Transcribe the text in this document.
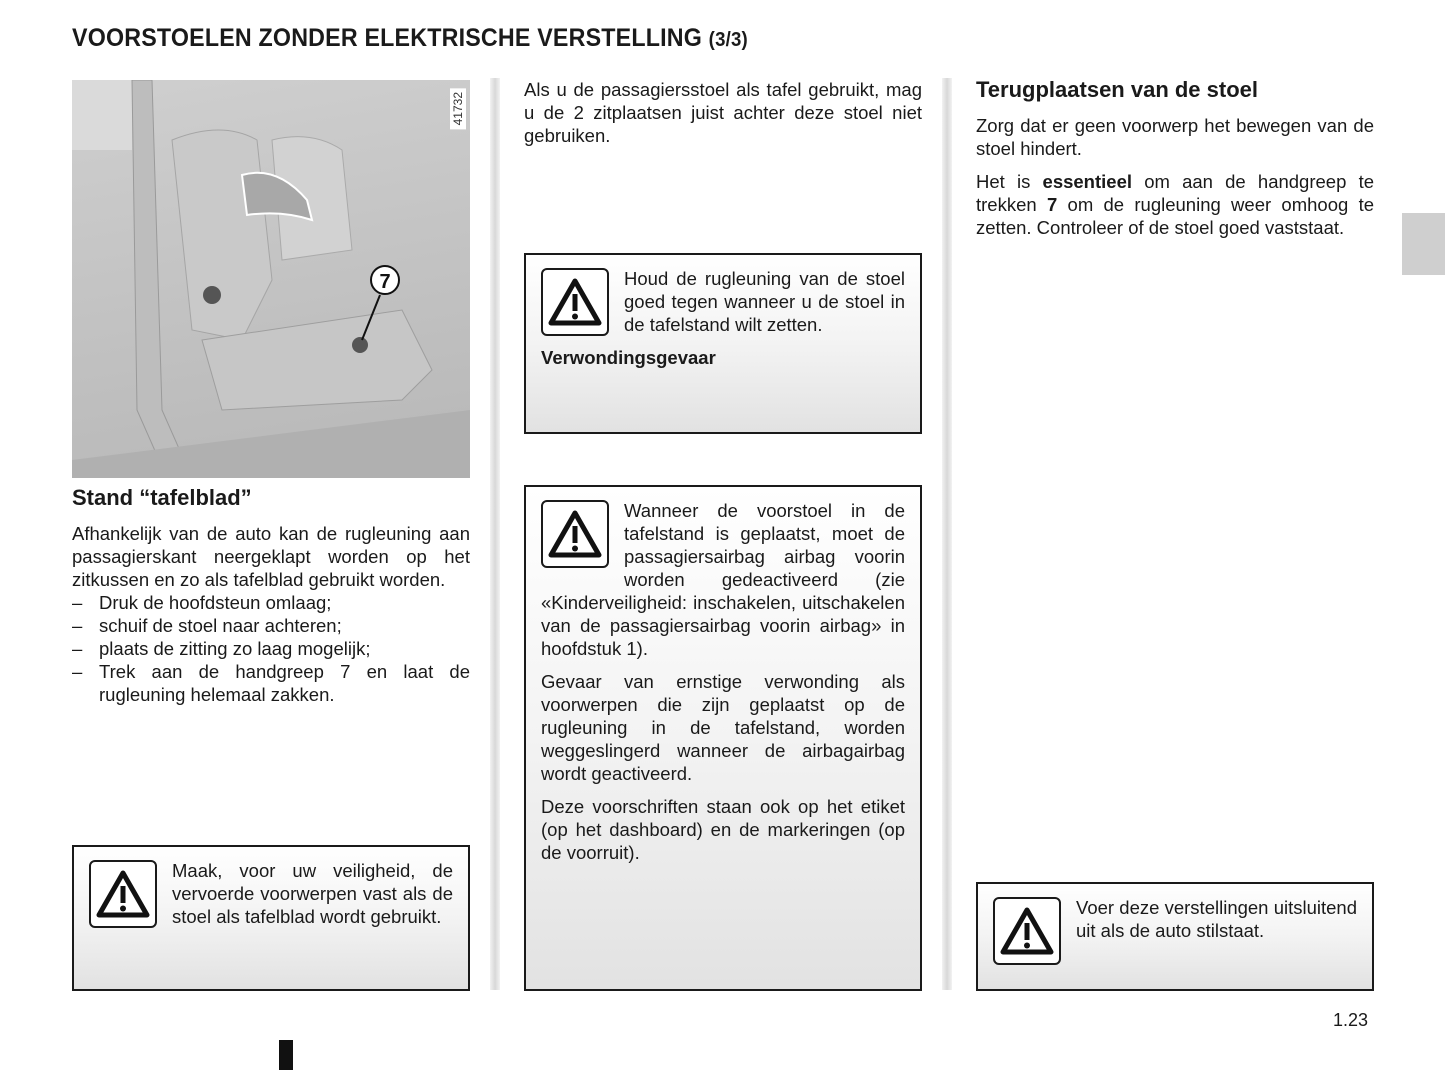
VOORSTOELEN ZONDER ELEKTRISCHE VERSTELLING (3/3)
7
41732
Stand “tafelblad”
Afhankelijk van de auto kan de rugleuning aan passagierskant neergeklapt worden op het zitkussen en zo als tafelblad gebruikt worden.
– Druk de hoofdsteun omlaag;
– schuif de stoel naar achteren;
– plaats de zitting zo laag mogelijk;
– Trek aan de handgreep 7 en laat de rugleuning helemaal zakken.

Maak, voor uw veiligheid, de vervoerde voorwerpen vast als de stoel als tafelblad wordt gebruikt.

Als u de passagiersstoel als tafel gebruikt, mag u de 2 zitplaatsen juist achter deze stoel niet gebruiken.

Houd de rugleuning van de stoel goed tegen wanneer u de stoel in de tafelstand wilt zetten.

Verwondingsgevaar

Wanneer de voorstoel in de tafelstand is geplaatst, moet de passagiersairbag airbag voorin worden gedeactiveerd (zie «Kinderveiligheid: inschakelen, uitschakelen van de passagiersairbag voorin airbag» in hoofdstuk 1).

Gevaar van ernstige verwonding als voorwerpen die zijn geplaatst op de rugleuning in de tafelstand, worden weggeslingerd wanneer de airbagairbag wordt geactiveerd.

Deze voorschriften staan ook op het etiket (op het dashboard) en de markeringen (op de voorruit).

Terugplaatsen van de stoel

Zorg dat er geen voorwerp het bewegen van de stoel hindert.

Het is essentieel om aan de handgreep te trekken 7 om de rugleuning weer omhoog te zetten. Controleer of de stoel goed vaststaat.

Voer deze verstellingen uitsluitend uit als de auto stilstaat.

1.23
